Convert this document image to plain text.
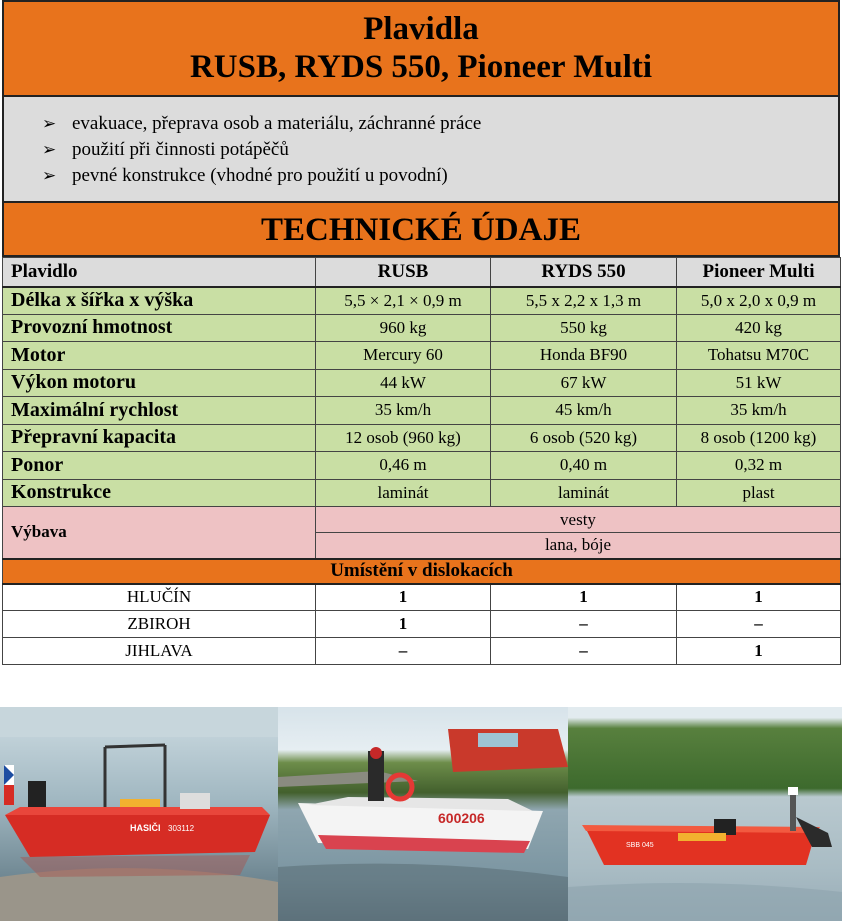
Plavidla
RUSB, RYDS 550, Pioneer Multi
➢ evakuace, přeprava osob a materiálu, záchranné práce
➢ použití při činnosti potápěčů
➢ pevné konstrukce (vhodné pro použití u povodní)
TECHNICKÉ ÚDAJE
Plavidlo	RUSB	RYDS 550	Pioneer Multi
Délka x šířka x výška	5,5 × 2,1 × 0,9 m	5,5 x 2,2 x 1,3 m	5,0 x 2,0 x 0,9 m
Provozní hmotnost	960 kg	550 kg	420 kg
Motor	Mercury 60	Honda BF90	Tohatsu M70C
Výkon motoru	44 kW	67 kW	51 kW
Maximální rychlost	35 km/h	45 km/h	35 km/h
Přepravní kapacita	12 osob (960 kg)	6 osob (520 kg)	8 osob (1200 kg)
Ponor	0,46 m	0,40 m	0,32 m
Konstrukce	laminát	laminát	plast
Výbava	vesty		
	lana, bóje		
Umístění v dislokacích			
HLUČÍN	1	1	1
ZBIROH	1	–	–
JIHLAVA	–	–	1
HASIČI 303112
600206
SBB 045
